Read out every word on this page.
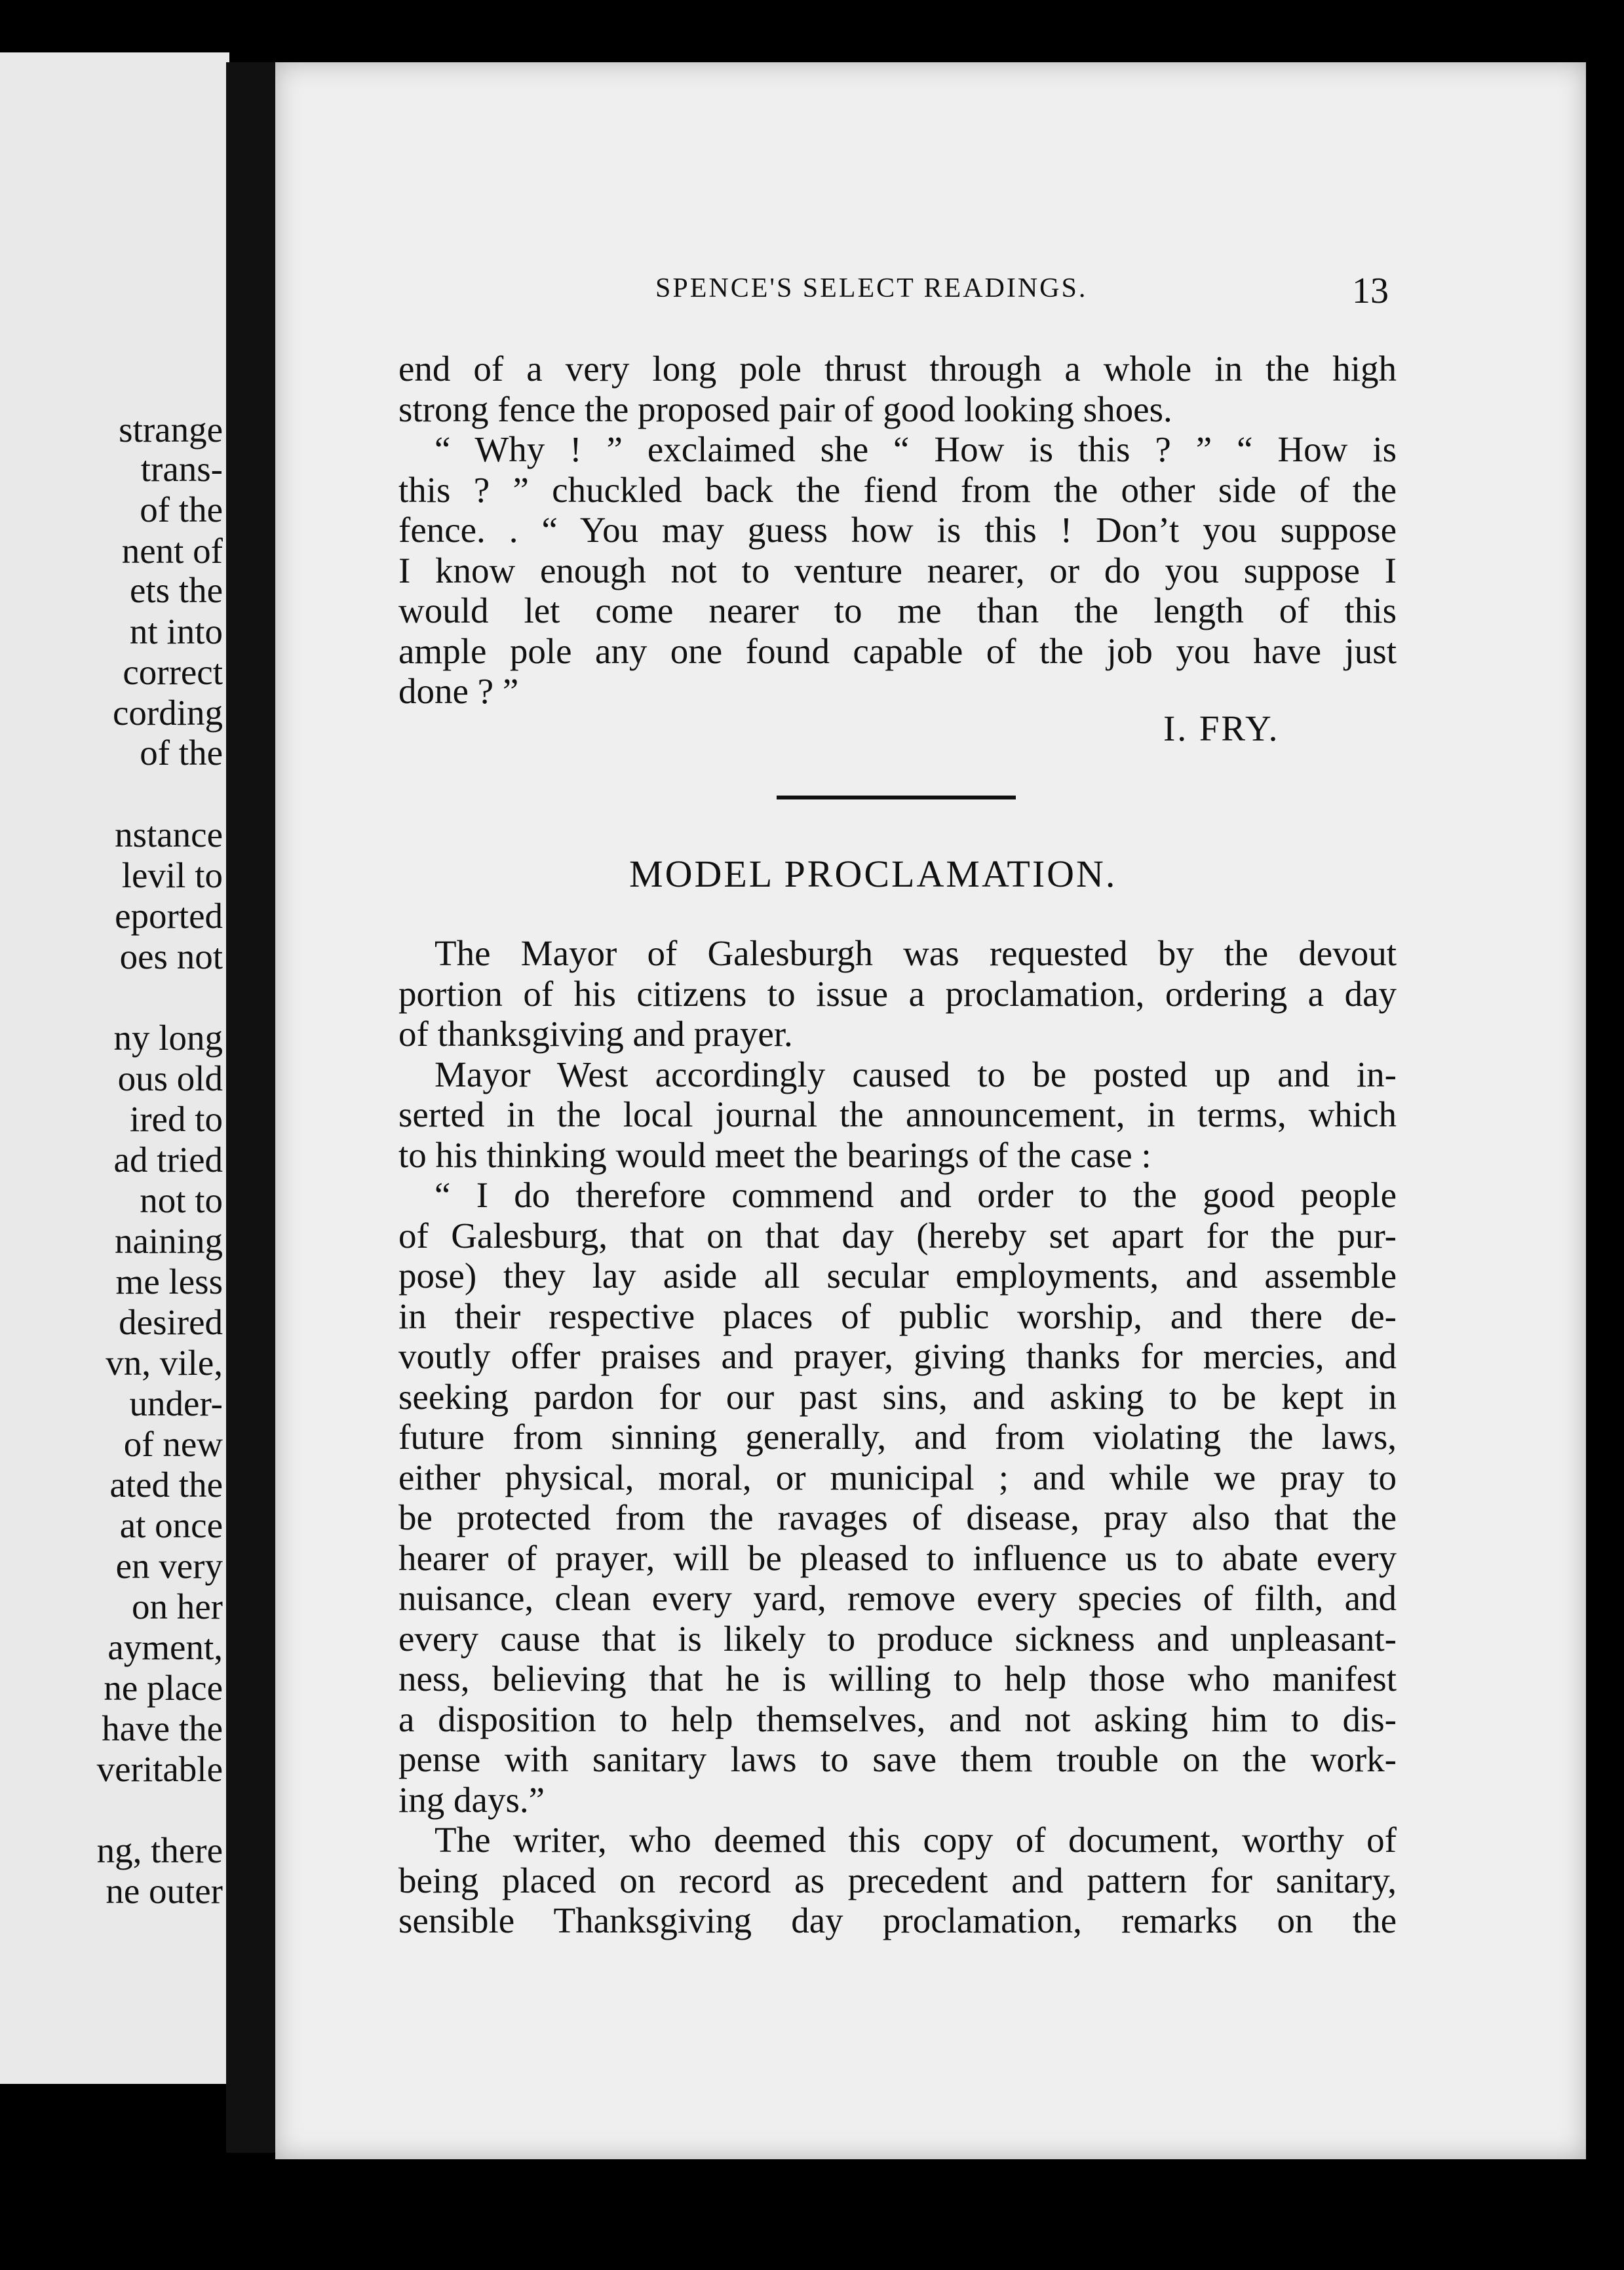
strange
trans-
of the
nent of
ets the
nt into
correct
cording
of the
nstance
levil to
eported
oes not
ny long
ous old
ired to
ad tried
not to
naining
me less
desired
vn, vile,
under-
of new
ated the
at once
en very
on her
ayment,
ne place
have the
veritable
ng, there
ne outer
SPENCE'S SELECT READINGS.	13
end of a very long pole thrust through a whole in the high
strong fence the proposed pair of good looking shoes.
“ Why ! ” exclaimed she “ How is this ? ” “ How is
this ? ” chuckled back the fiend from the other side of the
fence. . “ You may guess how is this ! Don’t you suppose
I know enough not to venture nearer, or do you suppose I
would let come nearer to me than the length of this
ample pole any one found capable of the job you have just
done ? ”
I. FRY.
MODEL PROCLAMATION.
The Mayor of Galesburgh was requested by the devout
portion of his citizens to issue a proclamation, ordering a day
of thanksgiving and prayer.
Mayor West accordingly caused to be posted up and in-
serted in the local journal the announcement, in terms, which
to his thinking would meet the bearings of the case :
“ I do therefore commend and order to the good people
of Galesburg, that on that day (hereby set apart for the pur-
pose) they lay aside all secular employments, and assemble
in their respective places of public worship, and there de-
voutly offer praises and prayer, giving thanks for mercies, and
seeking pardon for our past sins, and asking to be kept in
future from sinning generally, and from violating the laws,
either physical, moral, or municipal ; and while we pray to
be protected from the ravages of disease, pray also that the
hearer of prayer, will be pleased to influence us to abate every
nuisance, clean every yard, remove every species of filth, and
every cause that is likely to produce sickness and unpleasant-
ness, believing that he is willing to help those who manifest
a disposition to help themselves, and not asking him to dis-
pense with sanitary laws to save them trouble on the work-
ing days.”
The writer, who deemed this copy of document, worthy of
being placed on record as precedent and pattern for sanitary,
sensible Thanksgiving day proclamation, remarks on the
